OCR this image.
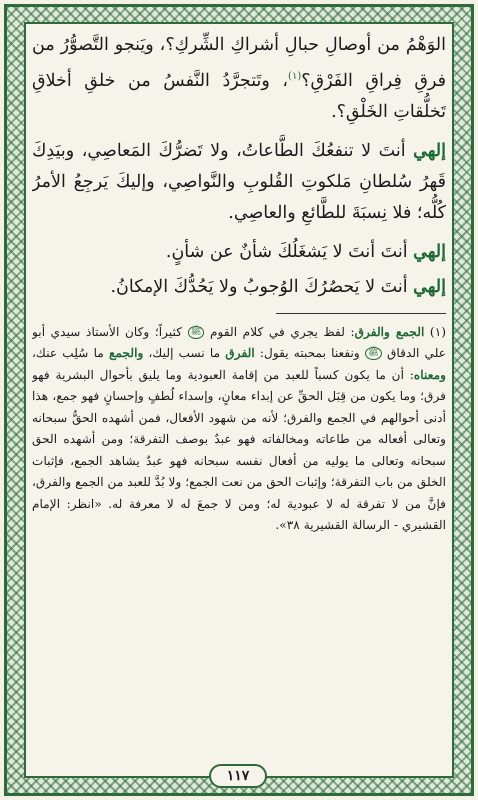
الوَهْمُ من أوصالِ حبالِ أشراكِ الشِّركِ؟، ويَنجو التَّصوُّرُ من فرقِ فِراقِ الفَرْقِ؟$^{(١)}$، وتَتجرَّدُ النَّفسُ من خلقِ أخلاقِ تَخلُّقاتِ الخَلْقِ؟.

إلهي أنتَ لا تنفعُكَ الطَّاعاتُ، ولا تَضرُّكَ المَعاصِي، وبيَدِكَ قَهرُ سُلطانِ مَلكوتِ القُلوبِ والنَّواصِي، وإليكَ يَرجِعُ الأمرُ كُلُّه؛ فلا نِسبَةَ للطَّائعِ والعاصِي.

إلهي أنتَ أنتَ لا يَشغَلُكَ شأنٌ عن شأنٍ.

إلهي أنتَ لا يَحصُرُكَ الوُجوبُ ولا يَحُدُّكَ الإمكانُ.

(١) الجمع والفرق: لفظ يجري في كلام القوم ﷺ كثيراً؛ وكان الأستاذ سيدي أبو علي الدقاق ﷺ ونفعنا بمحبته يقول: الفرق ما نسب إليك، والجمع ما سُلِب عنك، ومعناه: أن ما يكون كسباً للعبد من إقامة العبودية وما يليق بأحوال البشرية فهو فرق؛ وما يكون من قِبَل الحقِّ عن إبداء معانٍ، وإسداء لُطفٍ وإحسانٍ فهو جمع، هذا أدنى أحوالهم في الجمع والفرق؛ لأنه من شهود الأفعال، فمن أشهده الحقُّ سبحانه وتعالى أفعاله من طاعاته ومخالفاته فهو عبدٌ بوصف التفرقة؛ ومن أشهده الحق سبحانه وتعالى ما يوليه من أفعال نفسه سبحانه فهو عبدٌ يشاهد الجمع، فإثبات الخلق من باب التفرقة؛ وإثبات الحق من نعت الجمع؛ ولا بُدَّ للعبد من الجمع والفرق، فإنَّ من لا تفرقة له لا عبودية له؛ ومن لا جمعَ له لا معرفة له. «انظر: الإمام القشيري - الرسالة القشيرية ٣٨».

١١٧
